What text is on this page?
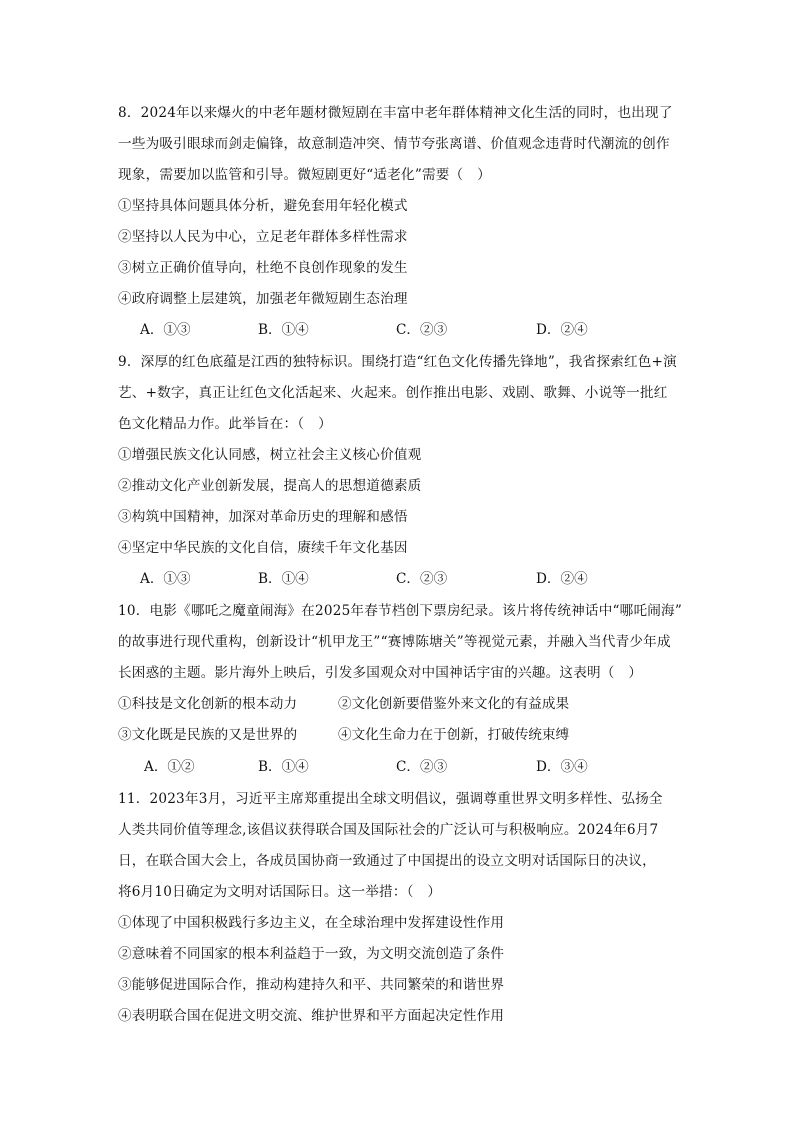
8．2024年以来爆火的中老年题材微短剧在丰富中老年群体精神文化生活的同时，也出现了
一些为吸引眼球而剑走偏锋，故意制造冲突、情节夸张离谱、价值观念违背时代潮流的创作
现象，需要加以监管和引导。微短剧更好“适老化”需要（　）
①坚持具体问题具体分析，避免套用年轻化模式
②坚持以人民为中心，立足老年群体多样性需求
③树立正确价值导向，杜绝不良创作现象的发生
④政府调整上层建筑，加强老年微短剧生态治理
A．①③	B．①④	C．②③	D．②④
9．深厚的红色底蕴是江西的独特标识。围绕打造“红色文化传播先锋地”，我省探索红色+演
艺、+数字，真正让红色文化活起来、火起来。创作推出电影、戏剧、歌舞、小说等一批红
色文化精品力作。此举旨在：（　）
①增强民族文化认同感，树立社会主义核心价值观
②推动文化产业创新发展，提高人的思想道德素质
③构筑中国精神，加深对革命历史的理解和感悟
④坚定中华民族的文化自信，赓续千年文化基因
A．①③	B．①④	C．②③	D．②④
10．电影《哪吒之魔童闹海》在2025年春节档创下票房纪录。该片将传统神话中“哪吒闹海”
的故事进行现代重构，创新设计“机甲龙王”“赛博陈塘关”等视觉元素，并融入当代青少年成
长困惑的主题。影片海外上映后，引发多国观众对中国神话宇宙的兴趣。这表明（　）
①科技是文化创新的根本动力	②文化创新要借鉴外来文化的有益成果
③文化既是民族的又是世界的	④文化生命力在于创新，打破传统束缚
A．①②	B．①④	C．②③	D．③④
11．2023年3月，习近平主席郑重提出全球文明倡议，强调尊重世界文明多样性、弘扬全
人类共同价值等理念,该倡议获得联合国及国际社会的广泛认可与积极响应。2024年6月7
日，在联合国大会上，各成员国协商一致通过了中国提出的设立文明对话国际日的决议，
将6月10日确定为文明对话国际日。这一举措：（　）
①体现了中国积极践行多边主义，在全球治理中发挥建设性作用
②意味着不同国家的根本利益趋于一致，为文明交流创造了条件
③能够促进国际合作，推动构建持久和平、共同繁荣的和谐世界
④表明联合国在促进文明交流、维护世界和平方面起决定性作用
